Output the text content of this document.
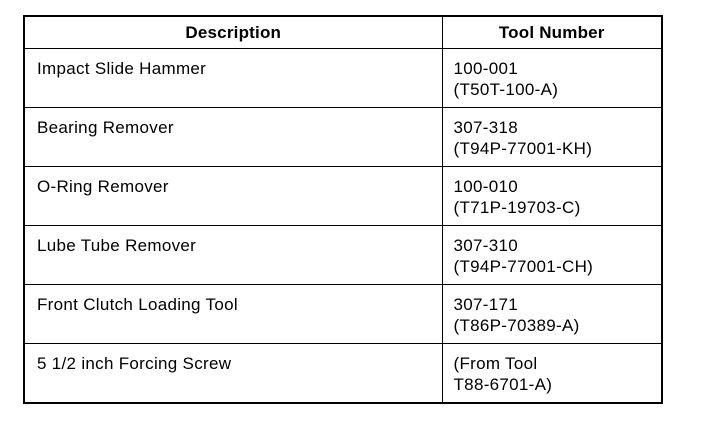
Description	Tool Number

Impact Slide Hammer	100-001
(T50T-100-A)

Bearing Remover	307-318
(T94P-77001-KH)

O-Ring Remover	100-010
(T71P-19703-C)

Lube Tube Remover	307-310
(T94P-77001-CH)

Front Clutch Loading Tool	307-171
(T86P-70389-A)

5 1/2 inch Forcing Screw	(From Tool
T88-6701-A)
